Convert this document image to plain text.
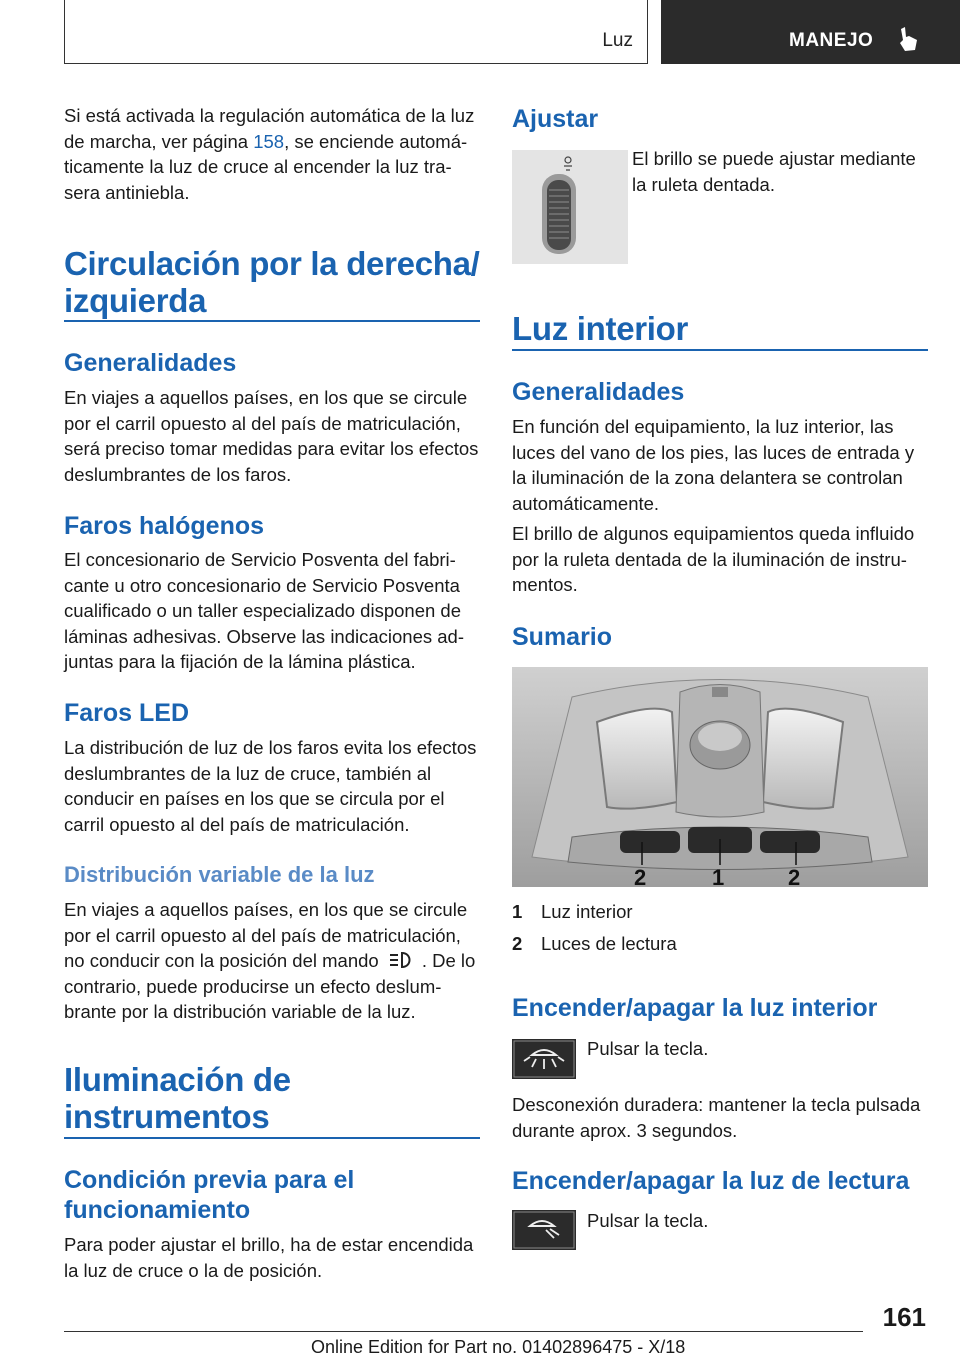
Luz	MANEJO

Si está activada la regulación automática de la luz de marcha, ver página 158, se enciende automáticamente la luz de cruce al encender la luz trasera antiniebla.

Circulación por la derecha/ izquierda
Generalidades

En viajes a aquellos países, en los que se circule por el carril opuesto al del país de matriculación, será preciso tomar medidas para evitar los efectos deslumbrantes de los faros.

Faros halógenos

El concesionario de Servicio Posventa del fabricante u otro concesionario de Servicio Posventa cualificado o un taller especializado disponen de láminas adhesivas. Observe las indicaciones adjuntas para la fijación de la lámina plástica.

Faros LED

La distribución de luz de los faros evita los efectos deslumbrantes de la luz de cruce, también al conducir en países en los que se circula por el carril opuesto al del país de matriculación.

Distribución variable de la luz

En viajes a aquellos países, en los que se circule por el carril opuesto al del país de matriculación, no conducir con la posición del mando . De lo contrario, puede producirse un efecto deslumbrante por la distribución variable de la luz.

Iluminación de instrumentos
Condición previa para el funcionamiento

Para poder ajustar el brillo, ha de estar encendida la luz de cruce o la de posición.

Ajustar

El brillo se puede ajustar mediante la ruleta dentada.

Luz interior
Generalidades

En función del equipamiento, la luz interior, las luces del vano de los pies, las luces de entrada y la iluminación de la zona delantera se controlan automáticamente.

El brillo de algunos equipamientos queda influido por la ruleta dentada de la iluminación de instrumentos.

Sumario
2	1	2
1 Luz interior
2 Luces de lectura
Encender/apagar la luz interior

Pulsar la tecla.

Desconexión duradera: mantener la tecla pulsada durante aprox. 3 segundos.

Encender/apagar la luz de lectura

Pulsar la tecla.

161
Online Edition for Part no. 01402896475 - X/18
